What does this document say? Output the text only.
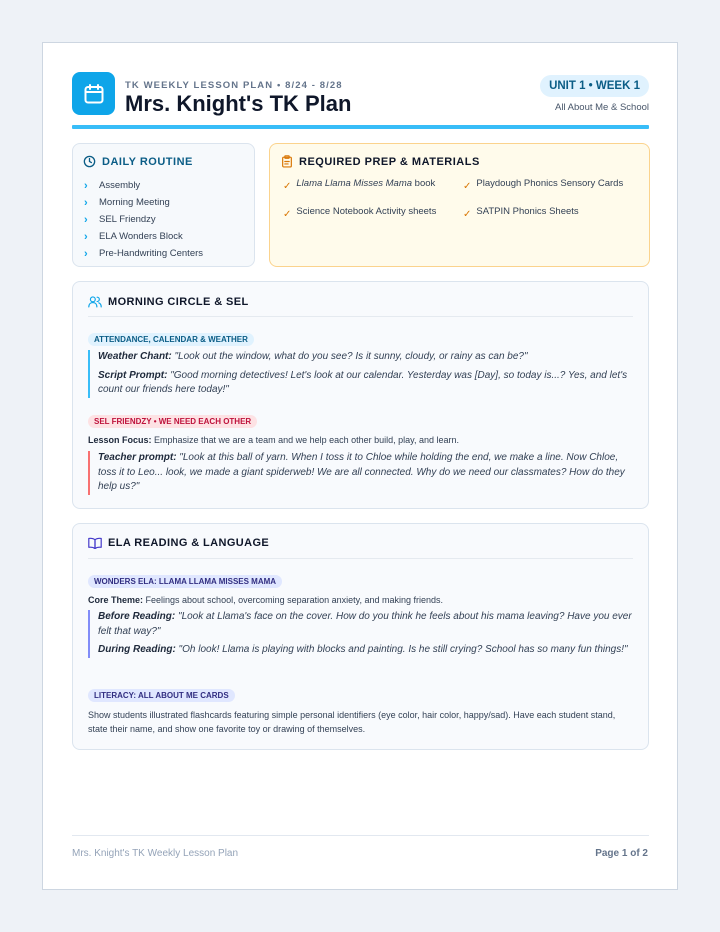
TK WEEKLY LESSON PLAN • 8/24 - 8/28
Mrs. Knight's TK Plan
UNIT 1 • WEEK 1
All About Me & School
DAILY ROUTINE
›	Assembly
›	Morning Meeting
›	SEL Friendzy
›	ELA Wonders Block
›	Pre-Handwriting Centers
REQUIRED PREP & MATERIALS
✓ Llama Llama Misses Mama book	✓ Playdough Phonics Sensory Cards
✓ Science Notebook Activity sheets	✓ SATPIN Phonics Sheets
MORNING CIRCLE & SEL
ATTENDANCE, CALENDAR & WEATHER

Weather Chant: "Look out the window, what do you see? Is it sunny, cloudy, or rainy as can be?"

Script Prompt: "Good morning detectives! Let's look at our calendar. Yesterday was [Day], so today is...? Yes, and let's count our friends here today!"

SEL FRIENDZY • WE NEED EACH OTHER
Lesson Focus: Emphasize that we are a team and we help each other build, play, and learn.

Teacher prompt: "Look at this ball of yarn. When I toss it to Chloe while holding the end, we make a line. Now Chloe, toss it to Leo... look, we made a giant spiderweb! We are all connected. Why do we need our classmates? How do they help us?"

ELA READING & LANGUAGE
WONDERS ELA: LLAMA LLAMA MISSES MAMA
Core Theme: Feelings about school, overcoming separation anxiety, and making friends.

Before Reading: "Look at Llama's face on the cover. How do you think he feels about his mama leaving? Have you ever felt that way?"

During Reading: "Oh look! Llama is playing with blocks and painting. Is he still crying? School has so many fun things!"

LITERACY: ALL ABOUT ME CARDS
Show students illustrated flashcards featuring simple personal identifiers (eye color, hair color, happy/sad). Have each student stand, state their name, and show one favorite toy or drawing of themselves.
Mrs. Knight's TK Weekly Lesson Plan	Page 1 of 2
